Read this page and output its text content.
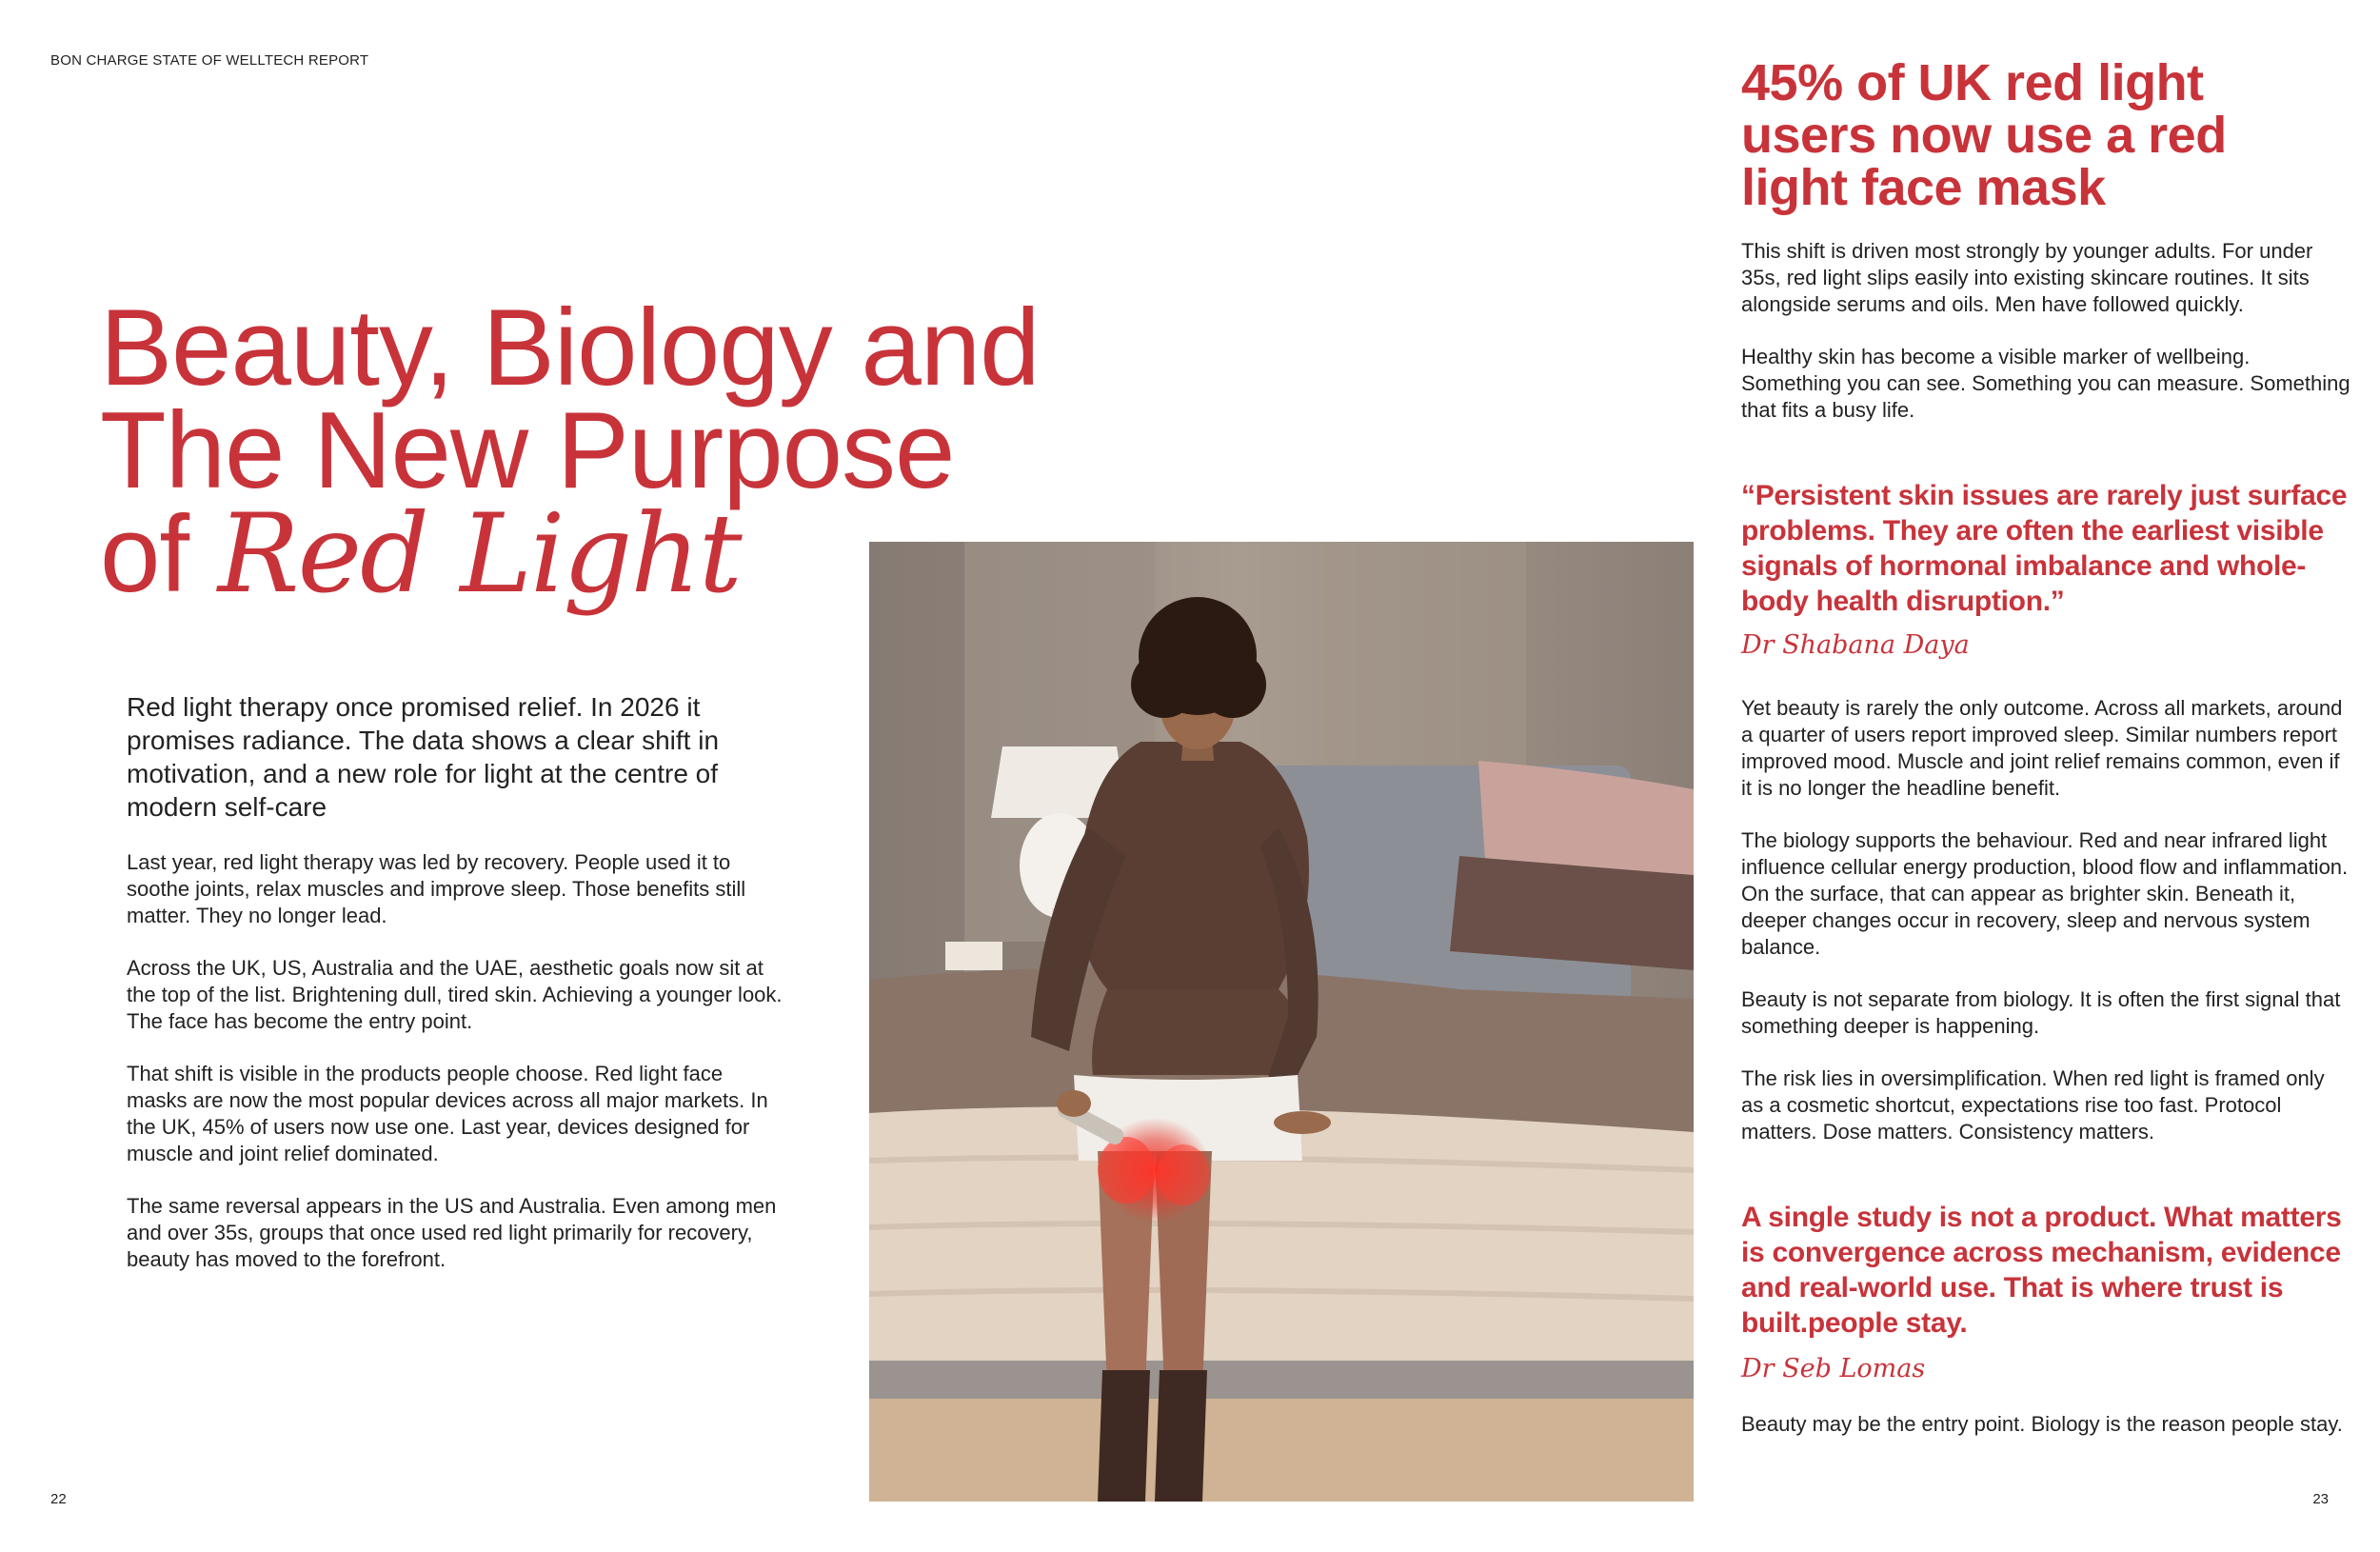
BON CHARGE STATE OF WELLTECH REPORT
Beauty, Biology and
The New Purpose
of Red Light
Red light therapy once promised relief. In 2026 it promises radiance. The data shows a clear shift in motivation, and a new role for light at the centre of modern self-care

Last year, red light therapy was led by recovery. People used it to soothe joints, relax muscles and improve sleep. Those benefits still matter. They no longer lead.

Across the UK, US, Australia and the UAE, aesthetic goals now sit at the top of the list. Brightening dull, tired skin. Achieving a younger look. The face has become the entry point.

That shift is visible in the products people choose. Red light face masks are now the most popular devices across all major markets. In the UK, 45% of users now use one. Last year, devices designed for muscle and joint relief dominated.

The same reversal appears in the US and Australia. Even among men and over 35s, groups that once used red light primarily for recovery, beauty has moved to the forefront.

45% of UK red light users now use a red light face mask

This shift is driven most strongly by younger adults. For under 35s, red light slips easily into existing skincare routines. It sits alongside serums and oils. Men have followed quickly.

Healthy skin has become a visible marker of wellbeing. Something you can see. Something you can measure. Something that fits a busy life.

“Persistent skin issues are rarely just surface problems. They are often the earliest visible signals of hormonal imbalance and whole-body health disruption.”
Dr Shabana Daya

Yet beauty is rarely the only outcome. Across all markets, around a quarter of users report improved sleep. Similar numbers report improved mood. Muscle and joint relief remains common, even if it is no longer the headline benefit.

The biology supports the behaviour. Red and near infrared light influence cellular energy production, blood flow and inflammation. On the surface, that can appear as brighter skin. Beneath it, deeper changes occur in recovery, sleep and nervous system balance.

Beauty is not separate from biology. It is often the first signal that something deeper is happening.

The risk lies in oversimplification. When red light is framed only as a cosmetic shortcut, expectations rise too fast. Protocol matters. Dose matters. Consistency matters.

A single study is not a product. What matters is convergence across mechanism, evidence and real-world use. That is where trust is built.people stay.
Dr Seb Lomas
Beauty may be the entry point. Biology is the reason people stay.
22	23
